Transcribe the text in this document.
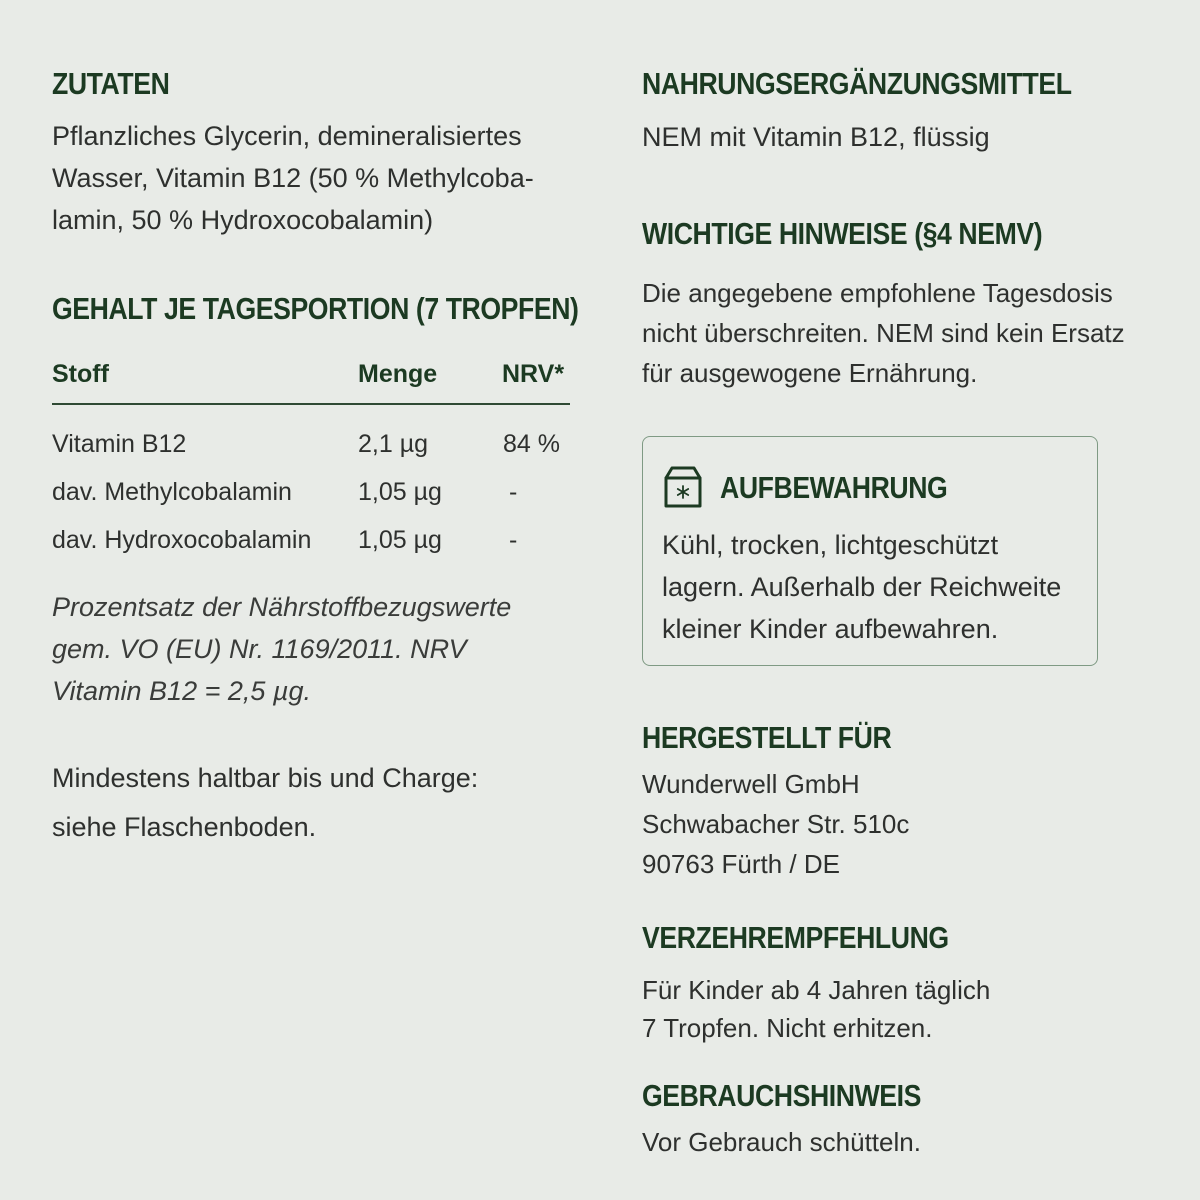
ZUTATEN
Pflanzliches Glycerin, demineralisiertes
Wasser, Vitamin B12 (50 % Methylcoba-
lamin, 50 % Hydroxocobalamin)
GEHALT JE TAGESPORTION (7 TROPFEN)
Stoff	Menge	NRV*
Vitamin B12	2,1 µg	84 %
dav. Methylcobalamin	1,05 µg	-
dav. Hydroxocobalamin 1,05 µg	-
Prozentsatz der Nährstoffbezugswerte
gem. VO (EU) Nr. 1169/2011. NRV
Vitamin B12 = 2,5 µg.
Mindestens haltbar bis und Charge:
siehe Flaschenboden.
NAHRUNGSERGÄNZUNGSMITTEL
NEM mit Vitamin B12, flüssig
WICHTIGE HINWEISE (§4 NEMV)
Die angegebene empfohlene Tagesdosis
nicht überschreiten. NEM sind kein Ersatz
für ausgewogene Ernährung.
AUFBEWAHRUNG
Kühl, trocken, lichtgeschützt
lagern. Außerhalb der Reichweite
kleiner Kinder aufbewahren.
HERGESTELLT FÜR
Wunderwell GmbH
Schwabacher Str. 510c
90763 Fürth / DE
VERZEHREMPFEHLUNG
Für Kinder ab 4 Jahren täglich
7 Tropfen. Nicht erhitzen.
GEBRAUCHSHINWEIS
Vor Gebrauch schütteln.
